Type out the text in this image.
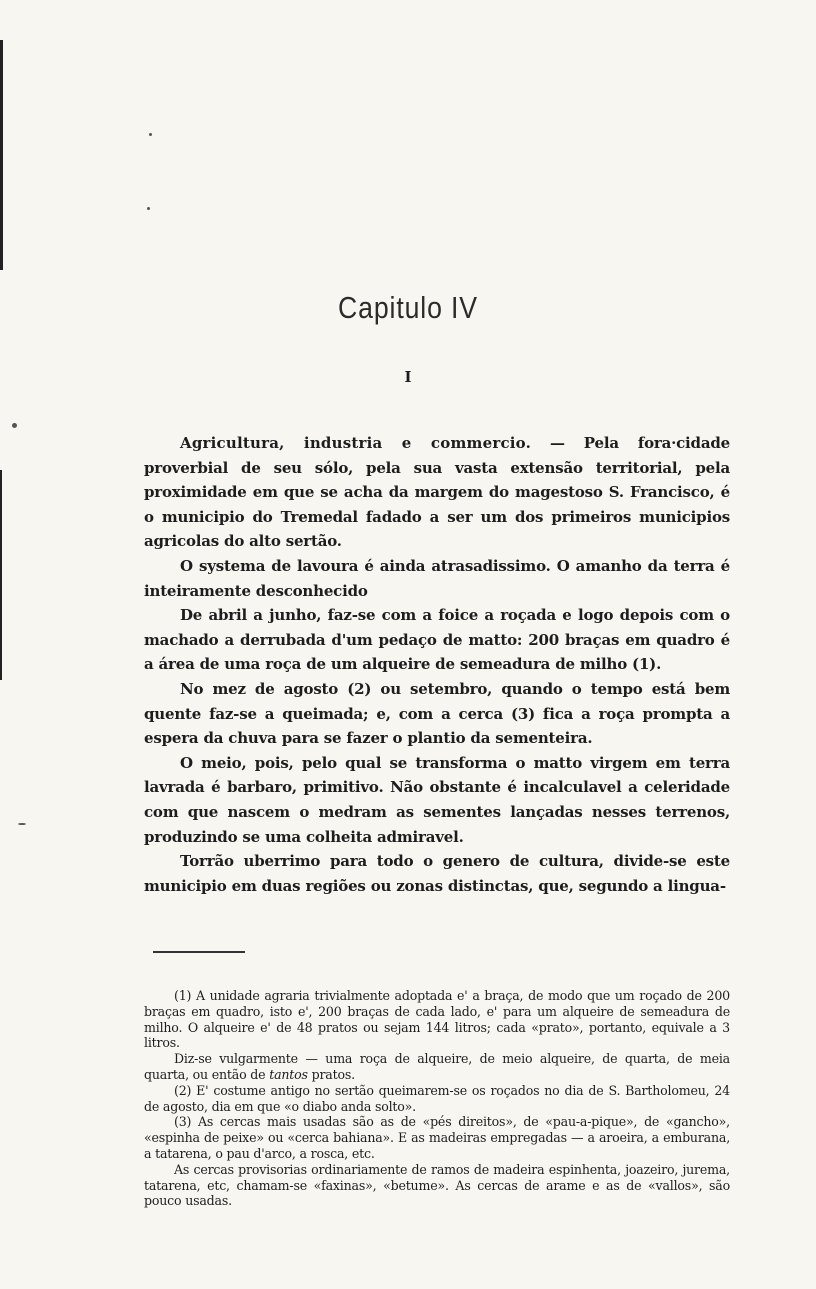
Capitulo IV
I

Agricultura, industria e commercio. — Pela fora·cidade proverbial de seu sólo, pela sua vasta extensão territorial, pela proximidade em que se acha da margem do magestoso S. Francisco, é o municipio do Tremedal fadado a ser um dos primeiros municipios agricolas do alto sertão.

O systema de lavoura é ainda atrasadissimo. O amanho da terra é inteiramente desconhecido

De abril a junho, faz-se com a foice a roçada e logo depois com o machado a derrubada d'um pedaço de matto: 200 braças em quadro é a área de uma roça de um alqueire de semeadura de milho (1).

No mez de agosto (2) ou setembro, quando o tempo está bem quente faz-se a queimada; e, com a cerca (3) fica a roça prompta a espera da chuva para se fazer o plantio da sementeira.

O meio, pois, pelo qual se transforma o matto virgem em terra lavrada é barbaro, primitivo. Não obstante é incalculavel a celeridade com que nascem o medram as sementes lançadas nesses terrenos, produzindo se uma colheita admiravel.

Torrão uberrimo para todo o genero de cultura, divide-se este municipio em duas regiões ou zonas distinctas, que, segundo a lingua-

(1) A unidade agraria trivialmente adoptada e' a braça, de modo que um roçado de 200 braças em quadro, isto e', 200 braças de cada lado, e' para um alqueire de semeadura de milho. O alqueire e' de 48 pratos ou sejam 144 litros; cada «prato», portanto, equivale a 3 litros.

Diz-se vulgarmente — uma roça de alqueire, de meio alqueire, de quarta, de meia quarta, ou então de tantos pratos.

(2) E' costume antigo no sertão queimarem-se os roçados no dia de S. Bartholomeu, 24 de agosto, dia em que «o diabo anda solto».

(3) As cercas mais usadas são as de «pés direitos», de «pau-a-pique», de «gancho», «espinha de peixe» ou «cerca bahiana». E as madeiras empregadas — a aroeira, a emburana, a tatarena, o pau d'arco, a rosca, etc.

As cercas provisorias ordinariamente de ramos de madeira espinhenta, joazeiro, jurema, tatarena, etc, chamam-se «faxinas», «betume». As cercas de arame e as de «vallos», são pouco usadas.
